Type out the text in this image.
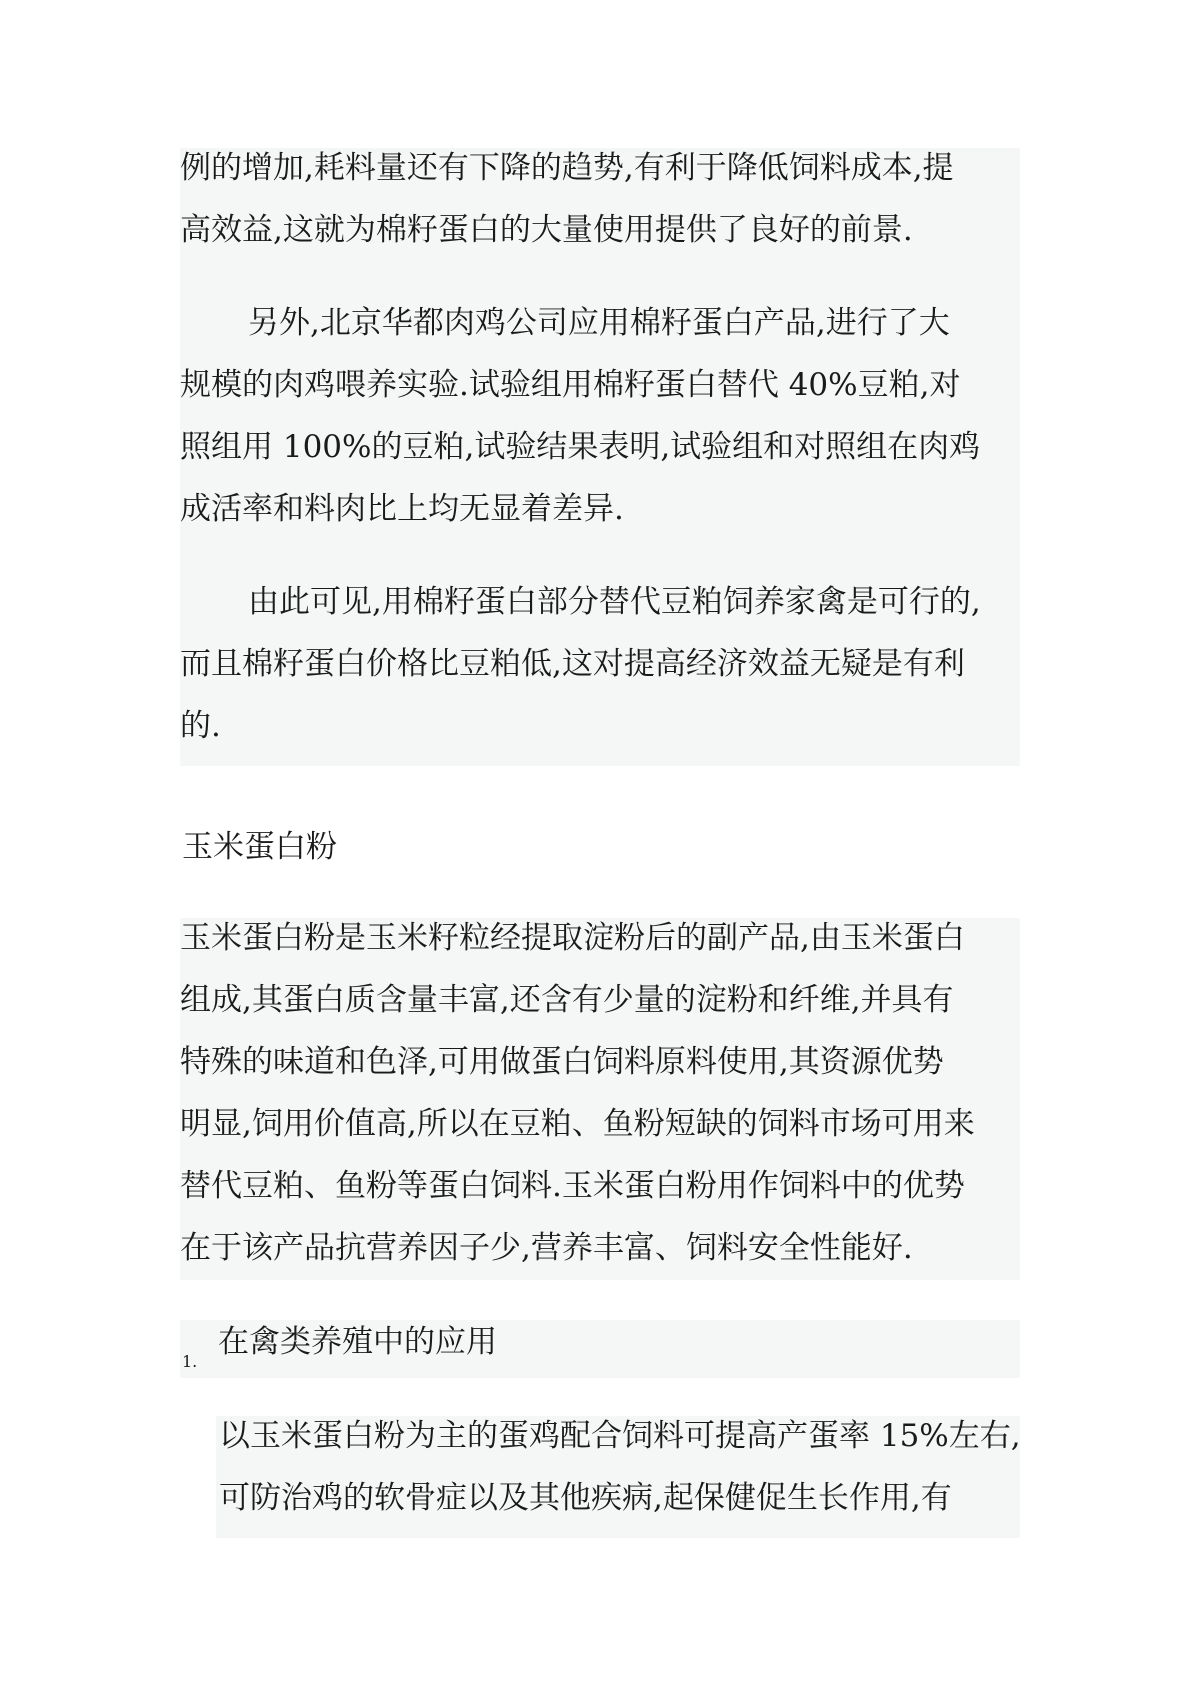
例的增加,耗料量还有下降的趋势,有利于降低饲料成本,提
高效益,这就为棉籽蛋白的大量使用提供了良好的前景.
另外,北京华都肉鸡公司应用棉籽蛋白产品,进行了大
规模的肉鸡喂养实验.试验组用棉籽蛋白替代 40%豆粕,对
照组用 100%的豆粕,试验结果表明,试验组和对照组在肉鸡
成活率和料肉比上均无显着差异.
由此可见,用棉籽蛋白部分替代豆粕饲养家禽是可行的,
而且棉籽蛋白价格比豆粕低,这对提高经济效益无疑是有利
的.
玉米蛋白粉
玉米蛋白粉是玉米籽粒经提取淀粉后的副产品,由玉米蛋白
组成,其蛋白质含量丰富,还含有少量的淀粉和纤维,并具有
特殊的味道和色泽,可用做蛋白饲料原料使用,其资源优势
明显,饲用价值高,所以在豆粕、鱼粉短缺的饲料市场可用来
替代豆粕、鱼粉等蛋白饲料.玉米蛋白粉用作饲料中的优势
在于该产品抗营养因子少,营养丰富、饲料安全性能好.
1.
在禽类养殖中的应用
以玉米蛋白粉为主的蛋鸡配合饲料可提高产蛋率 15%左右,
可防治鸡的软骨症以及其他疾病,起保健促生长作用,有
